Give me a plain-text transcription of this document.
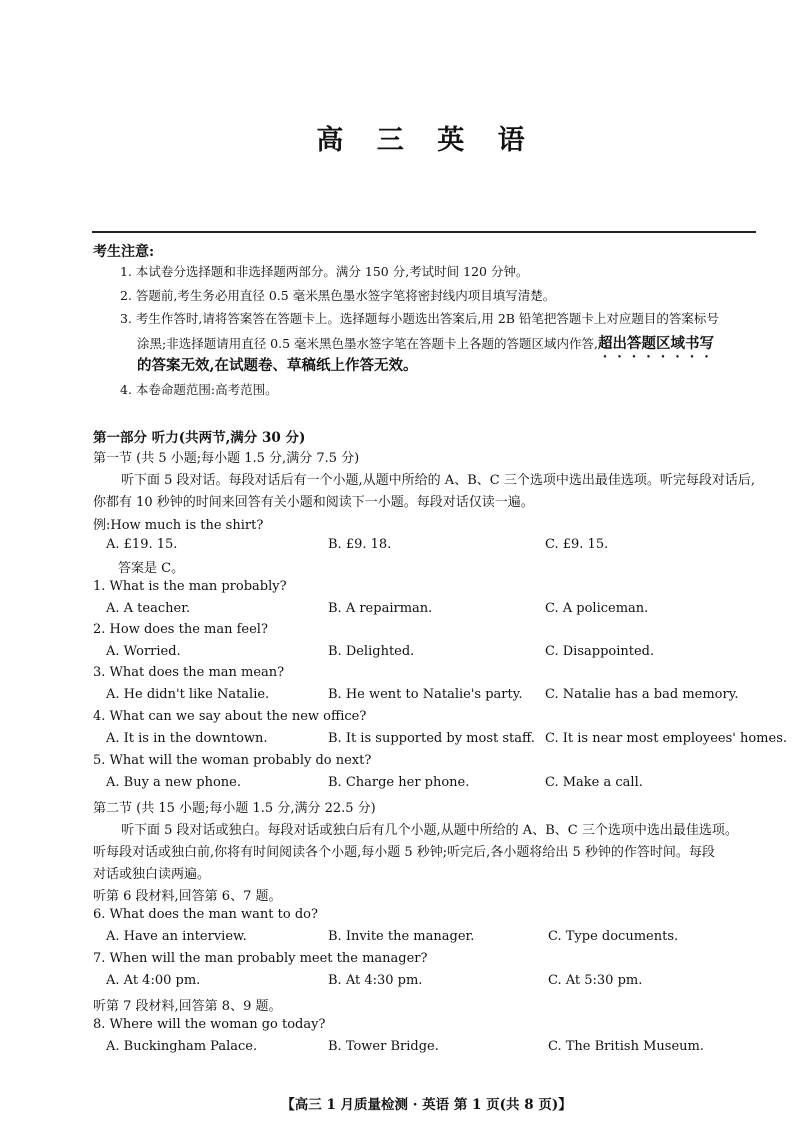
高 三 英 语
考生注意:
1. 本试卷分选择题和非选择题两部分。满分 150 分,考试时间 120 分钟。
2. 答题前,考生务必用直径 0.5 毫米黑色墨水签字笔将密封线内项目填写清楚。
3. 考生作答时,请将答案答在答题卡上。选择题每小题选出答案后,用 2B 铅笔把答题卡上对应题目的答案标号
涂黑;非选择题请用直径 0.5 毫米黑色墨水签字笔在答题卡上各题的答题区域内作答,超出答题区域书写
的答案无效,在试题卷、草稿纸上作答无效。
4. 本卷命题范围:高考范围。
第一部分 听力(共两节,满分 30 分)
第一节 (共 5 小题;每小题 1.5 分,满分 7.5 分)
听下面 5 段对话。每段对话后有一个小题,从题中所给的 A、B、C 三个选项中选出最佳选项。听完每段对话后,
你都有 10 秒钟的时间来回答有关小题和阅读下一小题。每段对话仅读一遍。
例:How much is the shirt?
A. £19. 15.	B. £9. 18.	C. £9. 15.
答案是 C。
1. What is the man probably?
A. A teacher.	B. A repairman.	C. A policeman.
2. How does the man feel?
A. Worried.	B. Delighted.	C. Disappointed.
3. What does the man mean?
A. He didn't like Natalie.	B. He went to Natalie's party. C. Natalie has a bad memory.
4. What can we say about the new office?
A. It is in the downtown.	B. It is supported by most staff. C. It is near most employees' homes.
5. What will the woman probably do next?
A. Buy a new phone.	B. Charge her phone.	C. Make a call.
第二节 (共 15 小题;每小题 1.5 分,满分 22.5 分)
听下面 5 段对话或独白。每段对话或独白后有几个小题,从题中所给的 A、B、C 三个选项中选出最佳选项。
听每段对话或独白前,你将有时间阅读各个小题,每小题 5 秒钟;听完后,各小题将给出 5 秒钟的作答时间。每段
对话或独白读两遍。
听第 6 段材料,回答第 6、7 题。
6. What does the man want to do?
A. Have an interview.	B. Invite the manager.	C. Type documents.
7. When will the man probably meet the manager?
A. At 4:00 pm.	B. At 4:30 pm.	C. At 5:30 pm.
听第 7 段材料,回答第 8、9 题。
8. Where will the woman go today?
A. Buckingham Palace.	B. Tower Bridge.	C. The British Museum.
【高三 1 月质量检测 · 英语 第 1 页(共 8 页)】
